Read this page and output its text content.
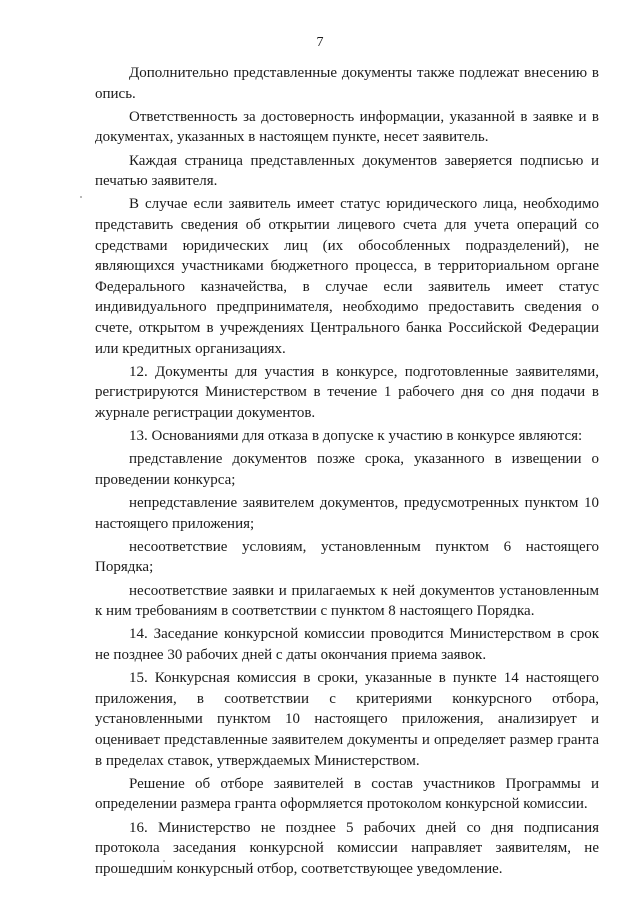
7

Дополнительно представленные документы также подлежат внесению в опись.

Ответственность за достоверность информации, указанной в заявке и в документах, указанных в настоящем пункте, несет заявитель.

Каждая страница представленных документов заверяется подписью и печатью заявителя.

В случае если заявитель имеет статус юридического лица, необходимо представить сведения об открытии лицевого счета для учета операций со средствами юридических лиц (их обособленных подразделений), не являющихся участниками бюджетного процесса, в территориальном органе Федерального казначейства, в случае если заявитель имеет статус индивидуального предпринимателя, необходимо предоставить сведения о счете, открытом в учреждениях Центрального банка Российской Федерации или кредитных организациях.

12. Документы для участия в конкурсе, подготовленные заявителями, регистрируются Министерством в течение 1 рабочего дня со дня подачи в журнале регистрации документов.

13. Основаниями для отказа в допуске к участию в конкурсе являются:

представление документов позже срока, указанного в извещении о проведении конкурса;

непредставление заявителем документов, предусмотренных пунктом 10 настоящего приложения;

несоответствие условиям, установленным пунктом 6 настоящего Порядка;

несоответствие заявки и прилагаемых к ней документов установленным к ним требованиям в соответствии с пунктом 8 настоящего Порядка.

14. Заседание конкурсной комиссии проводится Министерством в срок не позднее 30 рабочих дней с даты окончания приема заявок.

15. Конкурсная комиссия в сроки, указанные в пункте 14 настоящего приложения, в соответствии с критериями конкурсного отбора, установленными пунктом 10 настоящего приложения, анализирует и оценивает представленные заявителем документы и определяет размер гранта в пределах ставок, утверждаемых Министерством.

Решение об отборе заявителей в состав участников Программы и определении размера гранта оформляется протоколом конкурсной комиссии.

16. Министерство не позднее 5 рабочих дней со дня подписания протокола заседания конкурсной комиссии направляет заявителям, не прошедшим конкурсный отбор, соответствующее уведомление.
